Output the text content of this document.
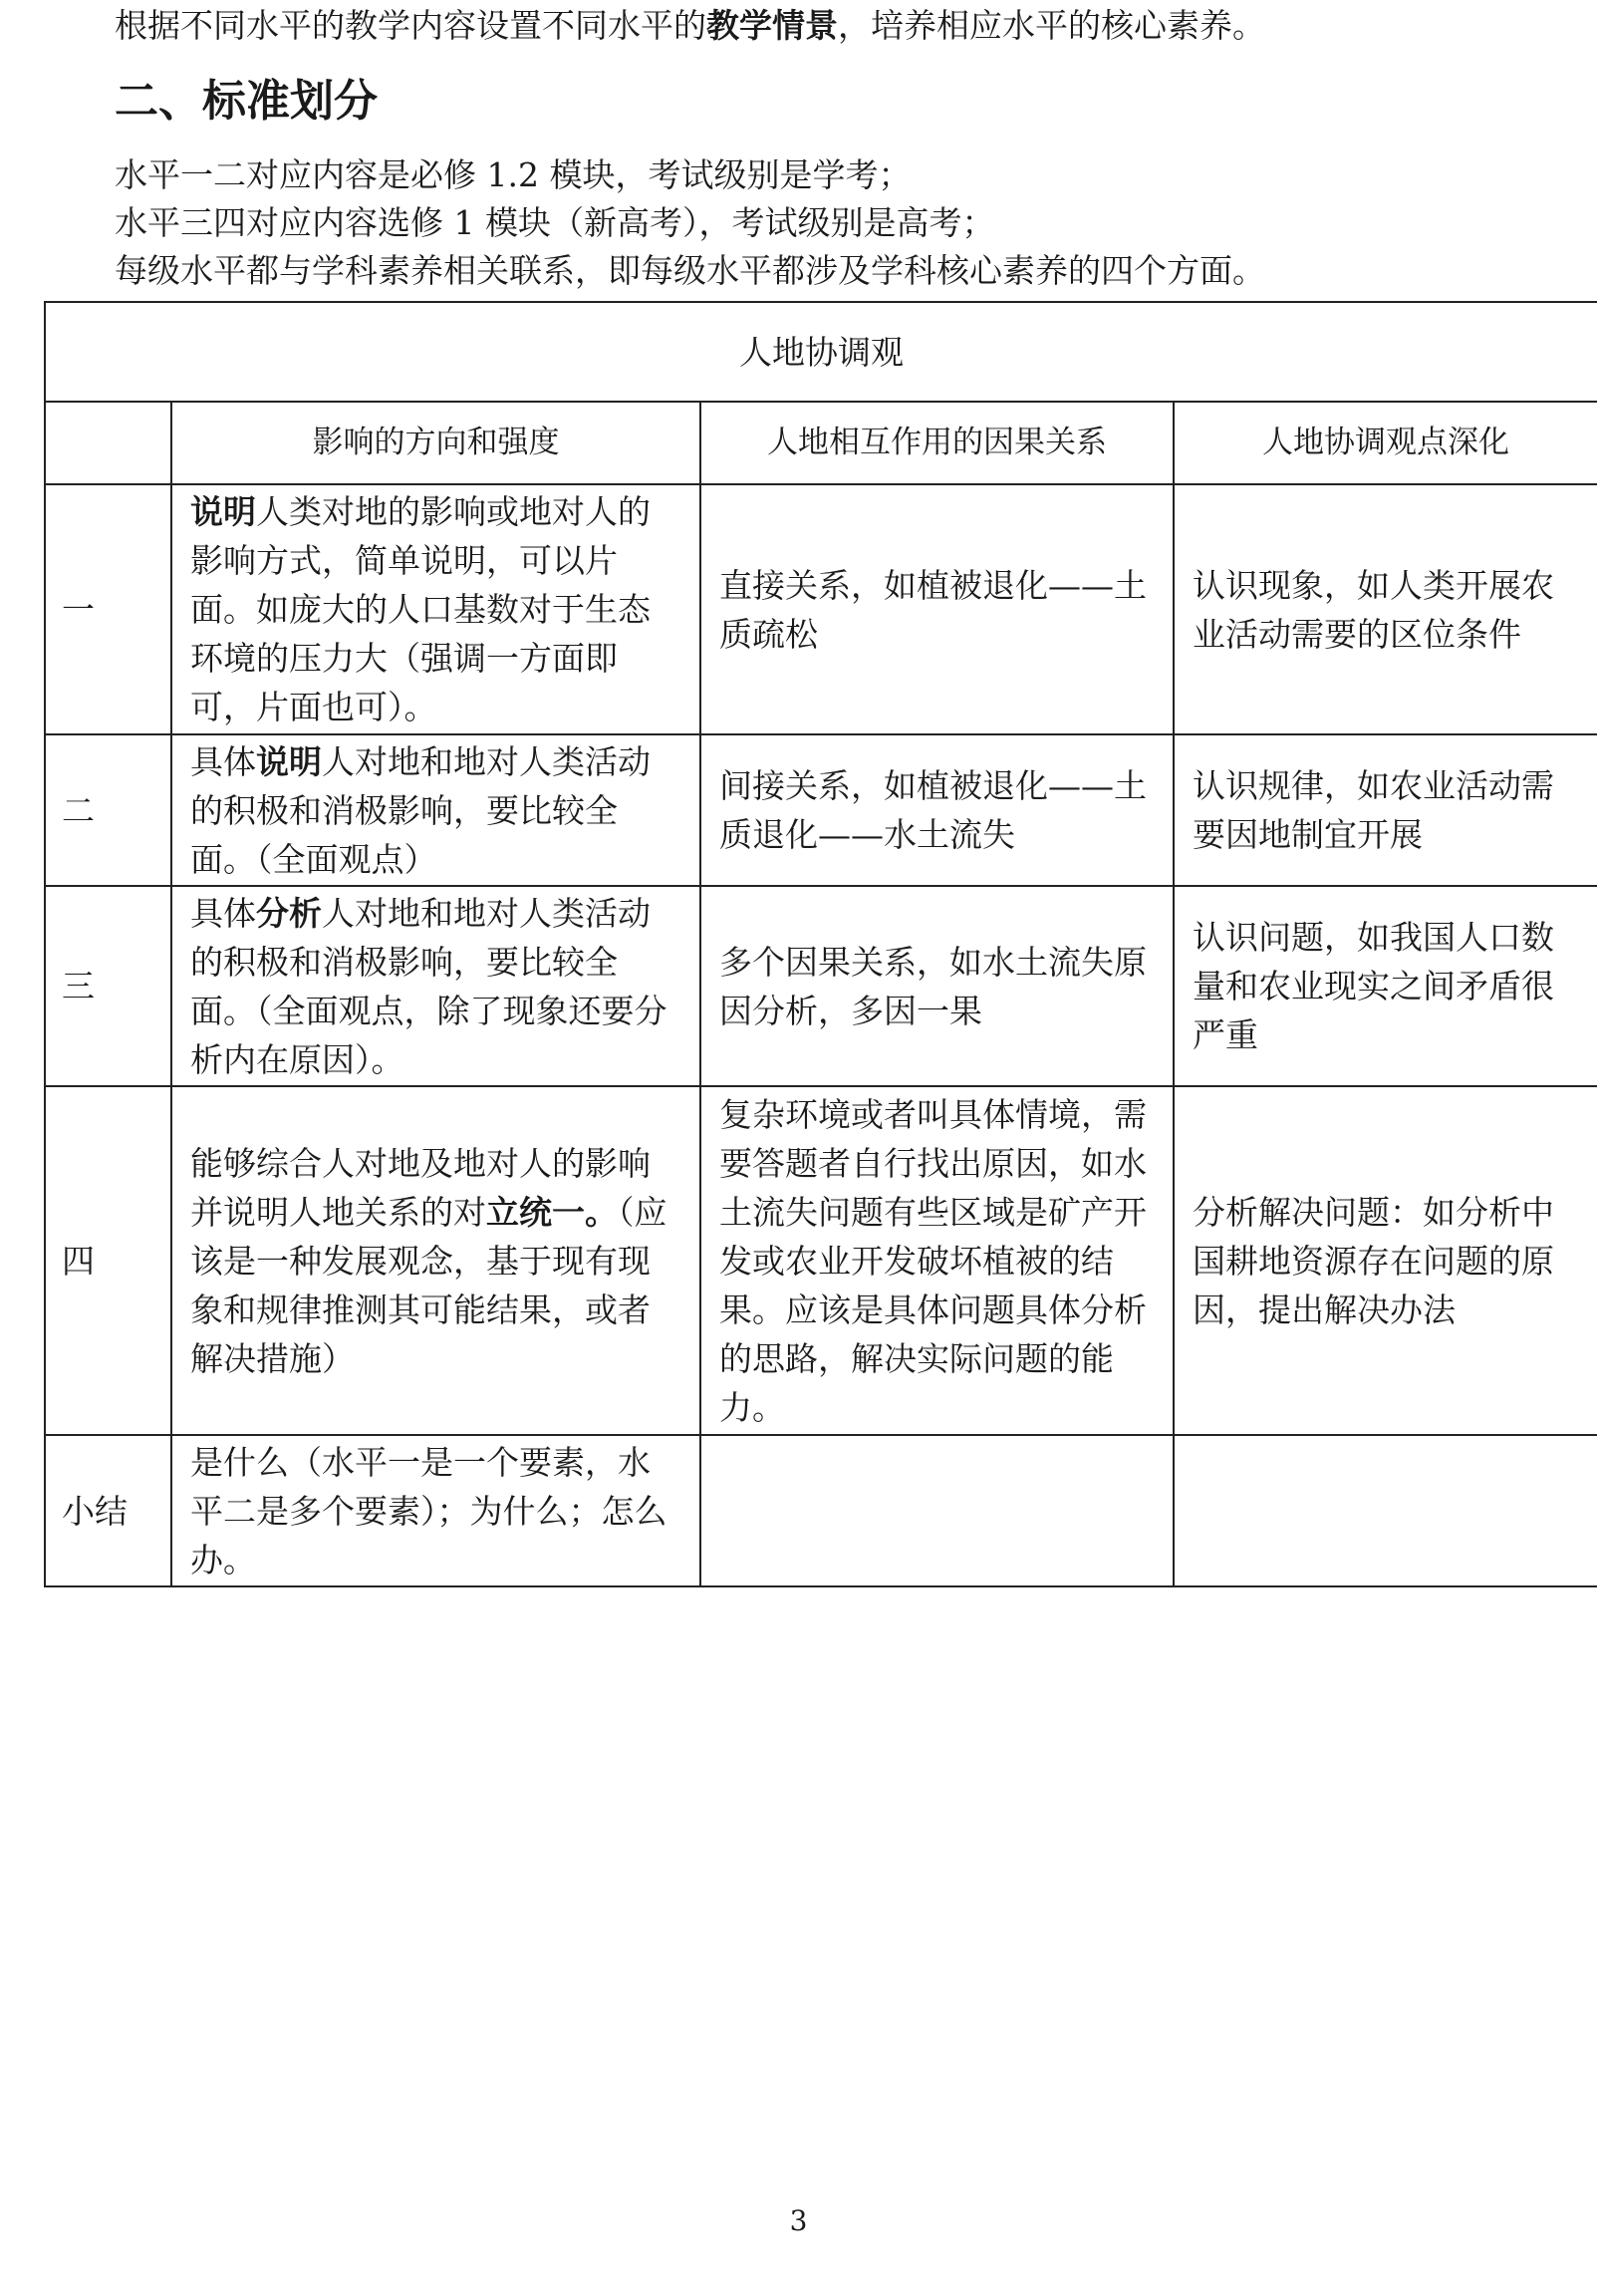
根据不同水平的教学内容设置不同水平的教学情景，培养相应水平的核心素养。
二、标准划分
水平一二对应内容是必修 1.2 模块，考试级别是学考；
水平三四对应内容选修 1 模块（新高考），考试级别是高考；
每级水平都与学科素养相关联系，即每级水平都涉及学科核心素养的四个方面。
人地协调观			
	影响的方向和强度	人地相互作用的因果关系	人地协调观点深化
一	说明人类对地的影响或地对人的影响方式，简单说明，可以片面。如庞大的人口基数对于生态环境的压力大（强调一方面即可，片面也可）。	直接关系，如植被退化——土质疏松	认识现象，如人类开展农业活动需要的区位条件
二	具体说明人对地和地对人类活动的积极和消极影响，要比较全面。（全面观点）	间接关系，如植被退化——土质退化——水土流失	认识规律，如农业活动需要因地制宜开展
三	具体分析人对地和地对人类活动的积极和消极影响，要比较全面。（全面观点，除了现象还要分析内在原因）。	多个因果关系，如水土流失原因分析，多因一果	认识问题，如我国人口数量和农业现实之间矛盾很严重
四	能够综合人对地及地对人的影响并说明人地关系的对立统一。（应该是一种发展观念，基于现有现象和规律推测其可能结果，或者解决措施）	复杂环境或者叫具体情境，需要答题者自行找出原因，如水土流失问题有些区域是矿产开发或农业开发破坏植被的结果。应该是具体问题具体分析的思路，解决实际问题的能力。	分析解决问题：如分析中国耕地资源存在问题的原因，提出解决办法
小结	是什么（水平一是一个要素，水平二是多个要素）；为什么；怎么办。		
3
